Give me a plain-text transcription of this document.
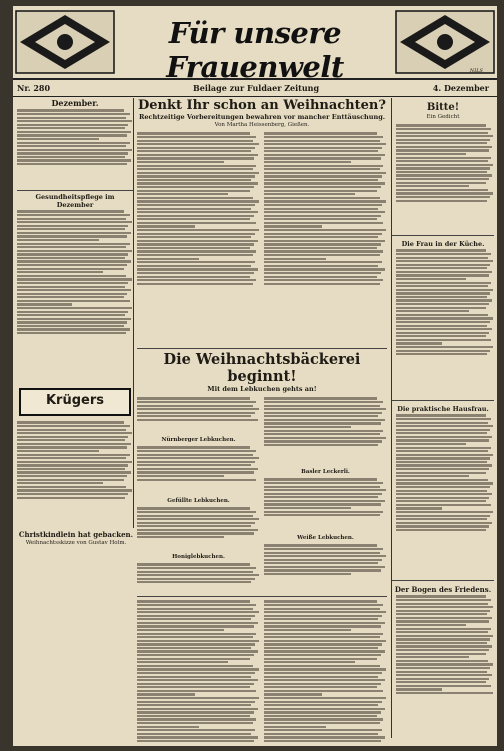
Für unsere Frauenwelt	NILS
Nr. 280	Beilage zur Fuldaer Zeitung	4. Dezember
Dezember.
Gesundheitspflege im Dezember
Krügers
Christkindlein hat gebacken.
Weihnachtsskizze von Gustav Holm.
Denkt Ihr schon an Weihnachten?
Rechtzeitige Vorbereitungen bewahren vor mancher Enttäuschung.
Von Martha Heissenberg, Gießen.
Die Weihnachtsbäckerei beginnt!
Mit dem Lebkuchen gehts an!
Nürnberger Lebkuchen.
Gefüllte Lebkuchen.
Honiglebkuchen.
Basler Leckerli.
Weiße Lebkuchen.
Bitte!
Ein Gedicht
Die Frau in der Küche.
Die praktische Hausfrau.
Der Bogen des Friedens.
